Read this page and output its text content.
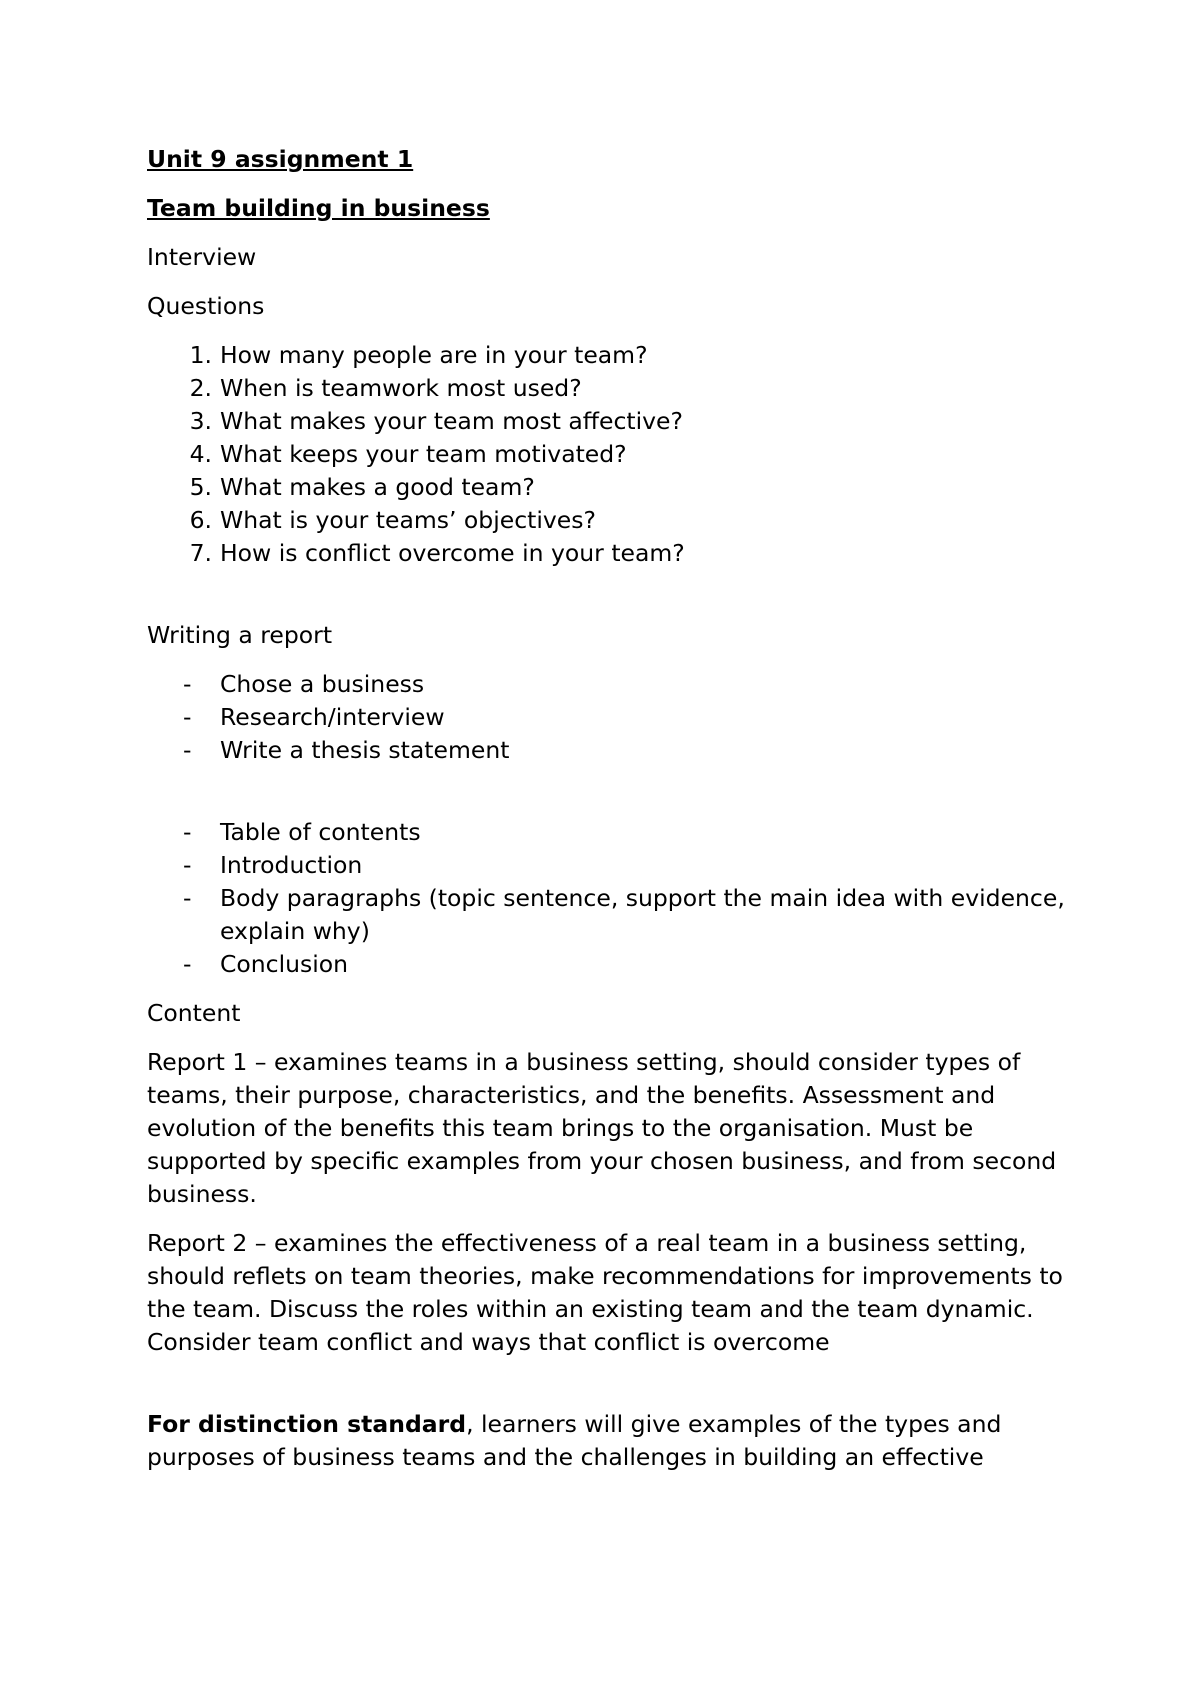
Unit 9 assignment 1

Team building in business

Interview

Questions

1. How many people are in your team?
2. When is teamwork most used?
3. What makes your team most affective?
4. What keeps your team motivated?
5. What makes a good team?
6. What is your teams’ objectives?
7. How is conflict overcome in your team?

Writing a report

- Chose a business
- Research/interview
- Write a thesis statement
- Table of contents
- Introduction
- Body paragraphs (topic sentence, support the main idea with evidence, explain why)
- Conclusion

Content

Report 1 – examines teams in a business setting, should consider types of teams, their purpose, characteristics, and the benefits. Assessment and evolution of the benefits this team brings to the organisation. Must be supported by specific examples from your chosen business, and from second business.

Report 2 – examines the effectiveness of a real team in a business setting, should reflets on team theories, make recommendations for improvements to the team. Discuss the roles within an existing team and the team dynamic. Consider team conflict and ways that conflict is overcome

For distinction standard, learners will give examples of the types and purposes of business teams and the challenges in building an effective
